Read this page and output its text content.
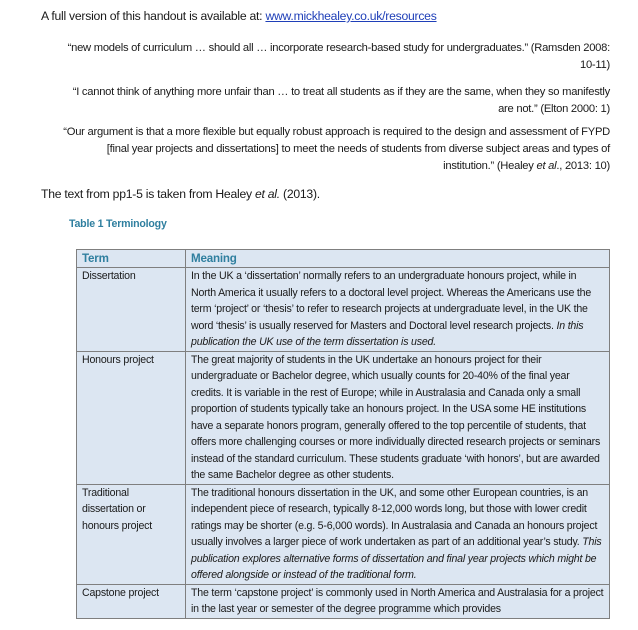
A full version of this handout is available at: www.mickhealey.co.uk/resources
“new models of curriculum … should all … incorporate research-based study for undergraduates.” (Ramsden 2008:
10-11)
“I cannot think of anything more unfair than … to treat all students as if they are the same, when they so manifestly
are not.” (Elton 2000: 1)
“Our argument is that a more flexible but equally robust approach is required to the design and assessment of FYPD
[final year projects and dissertations] to meet the needs of students from diverse subject areas and types of
institution.” (Healey et al., 2013: 10)
The text from pp1-5 is taken from Healey et al. (2013).
Table 1 Terminology
Term	Meaning
Dissertation	In the UK a ‘dissertation’ normally refers to an undergraduate honours project, while in North America it usually refers to a doctoral level project. Whereas the Americans use the term ‘project’ or ‘thesis’ to refer to research projects at undergraduate level, in the UK the word ‘thesis’ is usually reserved for Masters and Doctoral level research projects. In this publication the UK use of the term dissertation is used.
Honours project	The great majority of students in the UK undertake an honours project for their undergraduate or Bachelor degree, which usually counts for 20-40% of the final year credits. It is variable in the rest of Europe; while in Australasia and Canada only a small proportion of students typically take an honours project. In the USA some HE institutions have a separate honors program, generally offered to the top percentile of students, that offers more challenging courses or more individually directed research projects or seminars instead of the standard curriculum. These students graduate ‘with honors’, but are awarded the same Bachelor degree as other students.
Traditional dissertation or honours project	The traditional honours dissertation in the UK, and some other European countries, is an independent piece of research, typically 8-12,000 words long, but those with lower credit ratings may be shorter (e.g. 5-6,000 words). In Australasia and Canada an honours project usually involves a larger piece of work undertaken as part of an additional year’s study. This publication explores alternative forms of dissertation and final year projects which might be offered alongside or instead of the traditional form.
Capstone project	The term ‘capstone project’ is commonly used in North America and Australasia for a project in the last year or semester of the degree programme which provides
